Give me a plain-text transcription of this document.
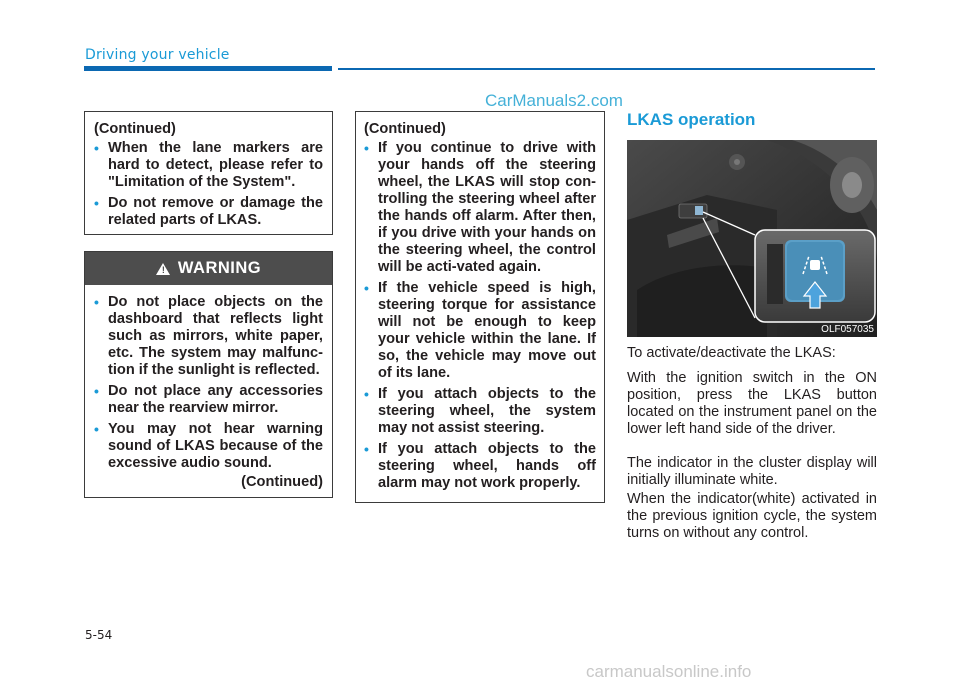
Driving your vehicle
CarManuals2.com

(Continued)

• When the lane markers are hard to detect, please refer to "Limitation of the System".
• Do not remove or damage the related parts of LKAS.
! WARNING
• Do not place objects on the dashboard that reflects light such as mirrors, white paper, etc. The system may malfunc-tion if the sunlight is reflected.
• Do not place any accessories near the rearview mirror.
• You may not hear warning sound of LKAS because of the excessive audio sound.

(Continued)

(Continued)

• If you continue to drive with your hands off the steering wheel, the LKAS will stop con-trolling the steering wheel after the hands off alarm. After then, if you drive with your hands on the steering wheel, the control will be acti-vated again.
• If the vehicle speed is high, steering torque for assistance will not be enough to keep your vehicle within the lane. If so, the vehicle may move out of its lane.
• If you attach objects to the steering wheel, the system may not assist steering.
• If you attach objects to the steering wheel, hands off alarm may not work properly.
LKAS operation
OLF057035

To activate/deactivate the LKAS:

With the ignition switch in the ON position, press the LKAS button located on the instrument panel on the lower left hand side of the driver.

The indicator in the cluster display will initially illuminate white.

When the indicator(white) activated in the previous ignition cycle, the system turns on without any control.

5-54

carmanualsonline.info
